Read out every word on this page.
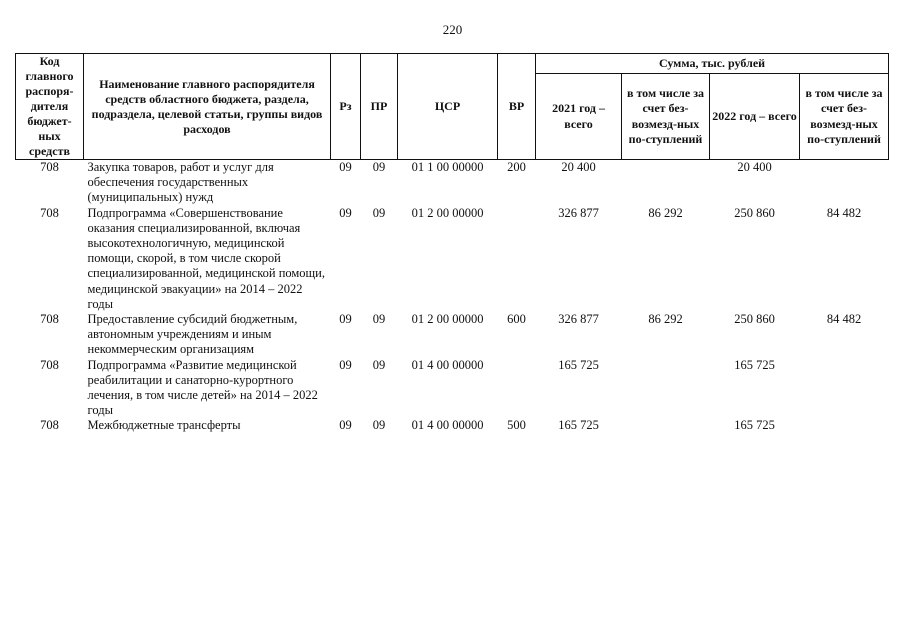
220
Код главного распоря-дителя бюджет-ных средств	Наименование главного распорядителя средств областного бюджета, раздела, подраздела, целевой статьи, группы видов расходов	Рз	ПР	ЦСР	ВР	Сумма, тыс. рублей			
						2021 год – всего	в том числе за счет без-возмезд-ных по-ступлений	2022 год – всего	в том числе за счет без-возмезд-ных по-ступлений
708	Закупка товаров, работ и услуг для обеспечения государственных (муниципальных) нужд	09	09	01 1 00 00000	200	20 400		20 400	
708	Подпрограмма «Совершенствование оказания специализированной, включая высокотехнологичную, медицинской помощи, скорой, в том числе скорой специализированной, медицинской помощи, медицинской эвакуации» на 2014 – 2022 годы	09	09	01 2 00 00000		326 877	86 292	250 860	84 482
708	Предоставление субсидий бюджетным, автономным учреждениям и иным некоммерческим организациям	09	09	01 2 00 00000	600	326 877	86 292	250 860	84 482
708	Подпрограмма «Развитие медицинской реабилитации и санаторно-курортного лечения, в том числе детей» на 2014 – 2022 годы	09	09	01 4 00 00000		165 725		165 725	
708	Межбюджетные трансферты	09	09	01 4 00 00000	500	165 725		165 725	
